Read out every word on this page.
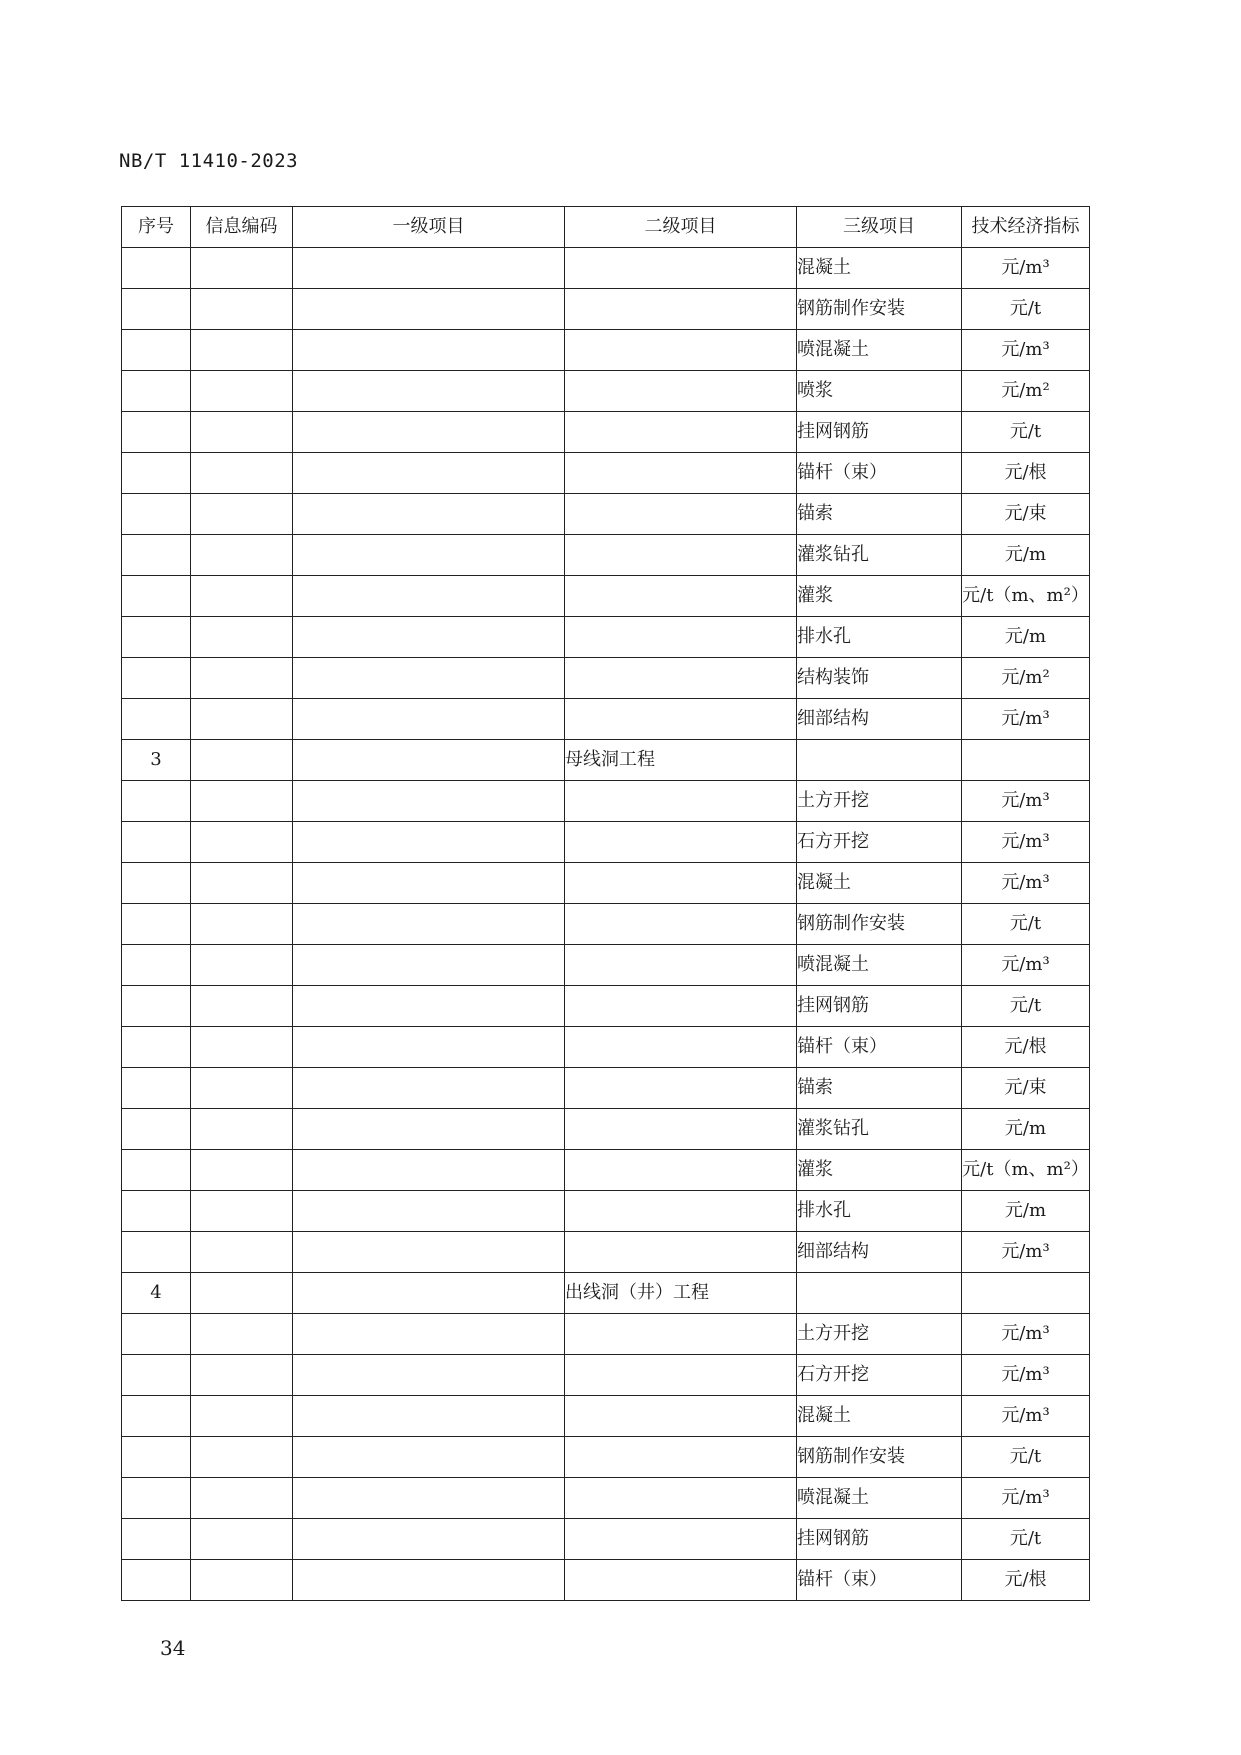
NB/T 11410-2023
序号	信息编码	一级项目	二级项目	三级项目	技术经济指标
				混凝土	元/m³
				钢筋制作安装	元/t
				喷混凝土	元/m³
				喷浆	元/m²
				挂网钢筋	元/t
				锚杆（束）	元/根
				锚索	元/束
				灌浆钻孔	元/m
				灌浆	元/t（m、m²）
				排水孔	元/m
				结构装饰	元/m²
				细部结构	元/m³
3			母线洞工程		
				土方开挖	元/m³
				石方开挖	元/m³
				混凝土	元/m³
				钢筋制作安装	元/t
				喷混凝土	元/m³
				挂网钢筋	元/t
				锚杆（束）	元/根
				锚索	元/束
				灌浆钻孔	元/m
				灌浆	元/t（m、m²）
				排水孔	元/m
				细部结构	元/m³
4			出线洞（井）工程		
				土方开挖	元/m³
				石方开挖	元/m³
				混凝土	元/m³
				钢筋制作安装	元/t
				喷混凝土	元/m³
				挂网钢筋	元/t
				锚杆（束）	元/根
34
